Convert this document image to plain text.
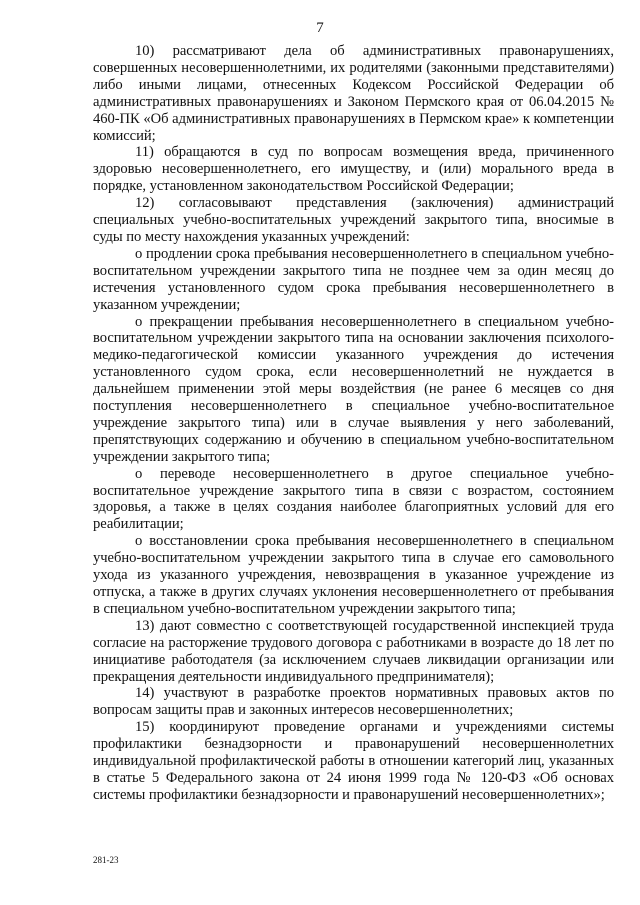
7

10) рассматривают дела об административных правонарушениях, совершенных несовершеннолетними, их родителями (законными представителями) либо иными лицами, отнесенных Кодексом Российской Федерации об административных правонарушениях и Законом Пермского края от 06.04.2015 № 460-ПК «Об административных правонарушениях в Пермском крае» к компетенции комиссий;

11) обращаются в суд по вопросам возмещения вреда, причиненного здоровью несовершеннолетнего, его имуществу, и (или) морального вреда в порядке, установленном законодательством Российской Федерации;

12) согласовывают представления (заключения) администраций специальных учебно-воспитательных учреждений закрытого типа, вносимые в суды по месту нахождения указанных учреждений:

о продлении срока пребывания несовершеннолетнего в специальном учебно-воспитательном учреждении закрытого типа не позднее чем за один месяц до истечения установленного судом срока пребывания несовершеннолетнего в указанном учреждении;

о прекращении пребывания несовершеннолетнего в специальном учебно-воспитательном учреждении закрытого типа на основании заключения психолого-медико-педагогической комиссии указанного учреждения до истечения установленного судом срока, если несовершеннолетний не нуждается в дальнейшем применении этой меры воздействия (не ранее 6 месяцев со дня поступления несовершеннолетнего в специальное учебно-воспитательное учреждение закрытого типа) или в случае выявления у него заболеваний, препятствующих содержанию и обучению в специальном учебно-воспитательном учреждении закрытого типа;

о переводе несовершеннолетнего в другое специальное учебно-воспитательное учреждение закрытого типа в связи с возрастом, состоянием здоровья, а также в целях создания наиболее благоприятных условий для его реабилитации;

о восстановлении срока пребывания несовершеннолетнего в специальном учебно-воспитательном учреждении закрытого типа в случае его самовольного ухода из указанного учреждения, невозвращения в указанное учреждение из отпуска, а также в других случаях уклонения несовершеннолетнего от пребывания в специальном учебно-воспитательном учреждении закрытого типа;

13) дают совместно с соответствующей государственной инспекцией труда согласие на расторжение трудового договора с работниками в возрасте до 18 лет по инициативе работодателя (за исключением случаев ликвидации организации или прекращения деятельности индивидуального предпринимателя);

14) участвуют в разработке проектов нормативных правовых актов по вопросам защиты прав и законных интересов несовершеннолетних;

15) координируют проведение органами и учреждениями системы профилактики безнадзорности и правонарушений несовершеннолетних индивидуальной профилактической работы в отношении категорий лиц, указанных в статье 5 Федерального закона от 24 июня 1999 года № 120-ФЗ «Об основах системы профилактики безнадзорности и правонарушений несовершеннолетних»;

281-23
